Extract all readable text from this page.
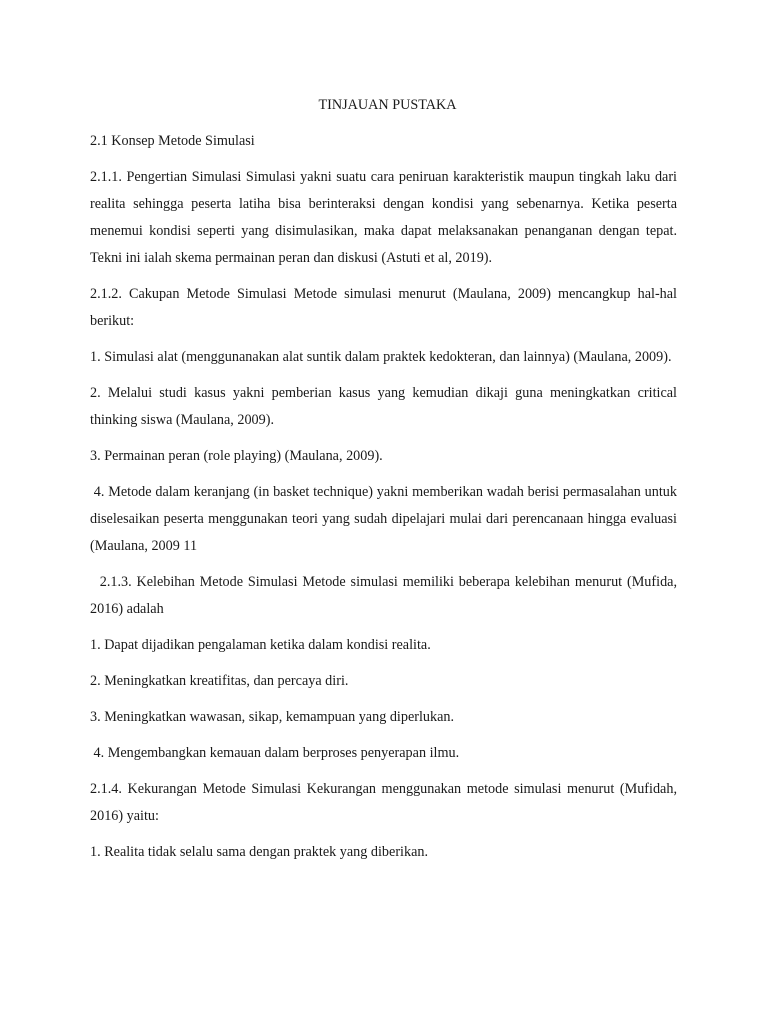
TINJAUAN PUSTAKA

2.1 Konsep Metode Simulasi

2.1.1. Pengertian Simulasi Simulasi yakni suatu cara peniruan karakteristik maupun tingkah laku dari realita sehingga peserta latiha bisa berinteraksi dengan kondisi yang sebenarnya. Ketika peserta menemui kondisi seperti yang disimulasikan, maka dapat melaksanakan penanganan dengan tepat. Tekni ini ialah skema permainan peran dan diskusi (Astuti et al, 2019).

2.1.2. Cakupan Metode Simulasi Metode simulasi menurut (Maulana, 2009) mencangkup hal-hal berikut:

1. Simulasi alat (menggunanakan alat suntik dalam praktek kedokteran, dan lainnya) (Maulana, 2009).

2. Melalui studi kasus yakni pemberian kasus yang kemudian dikaji guna meningkatkan critical thinking siswa (Maulana, 2009).

3. Permainan peran (role playing) (Maulana, 2009).

4. Metode dalam keranjang (in basket technique) yakni memberikan wadah berisi permasalahan untuk diselesaikan peserta menggunakan teori yang sudah dipelajari mulai dari perencanaan hingga evaluasi (Maulana, 2009 11

2.1.3. Kelebihan Metode Simulasi Metode simulasi memiliki beberapa kelebihan menurut (Mufida, 2016) adalah

1. Dapat dijadikan pengalaman ketika dalam kondisi realita.

2. Meningkatkan kreatifitas, dan percaya diri.

3. Meningkatkan wawasan, sikap, kemampuan yang diperlukan.

4. Mengembangkan kemauan dalam berproses penyerapan ilmu.

2.1.4. Kekurangan Metode Simulasi Kekurangan menggunakan metode simulasi menurut (Mufidah, 2016) yaitu:

1. Realita tidak selalu sama dengan praktek yang diberikan.
